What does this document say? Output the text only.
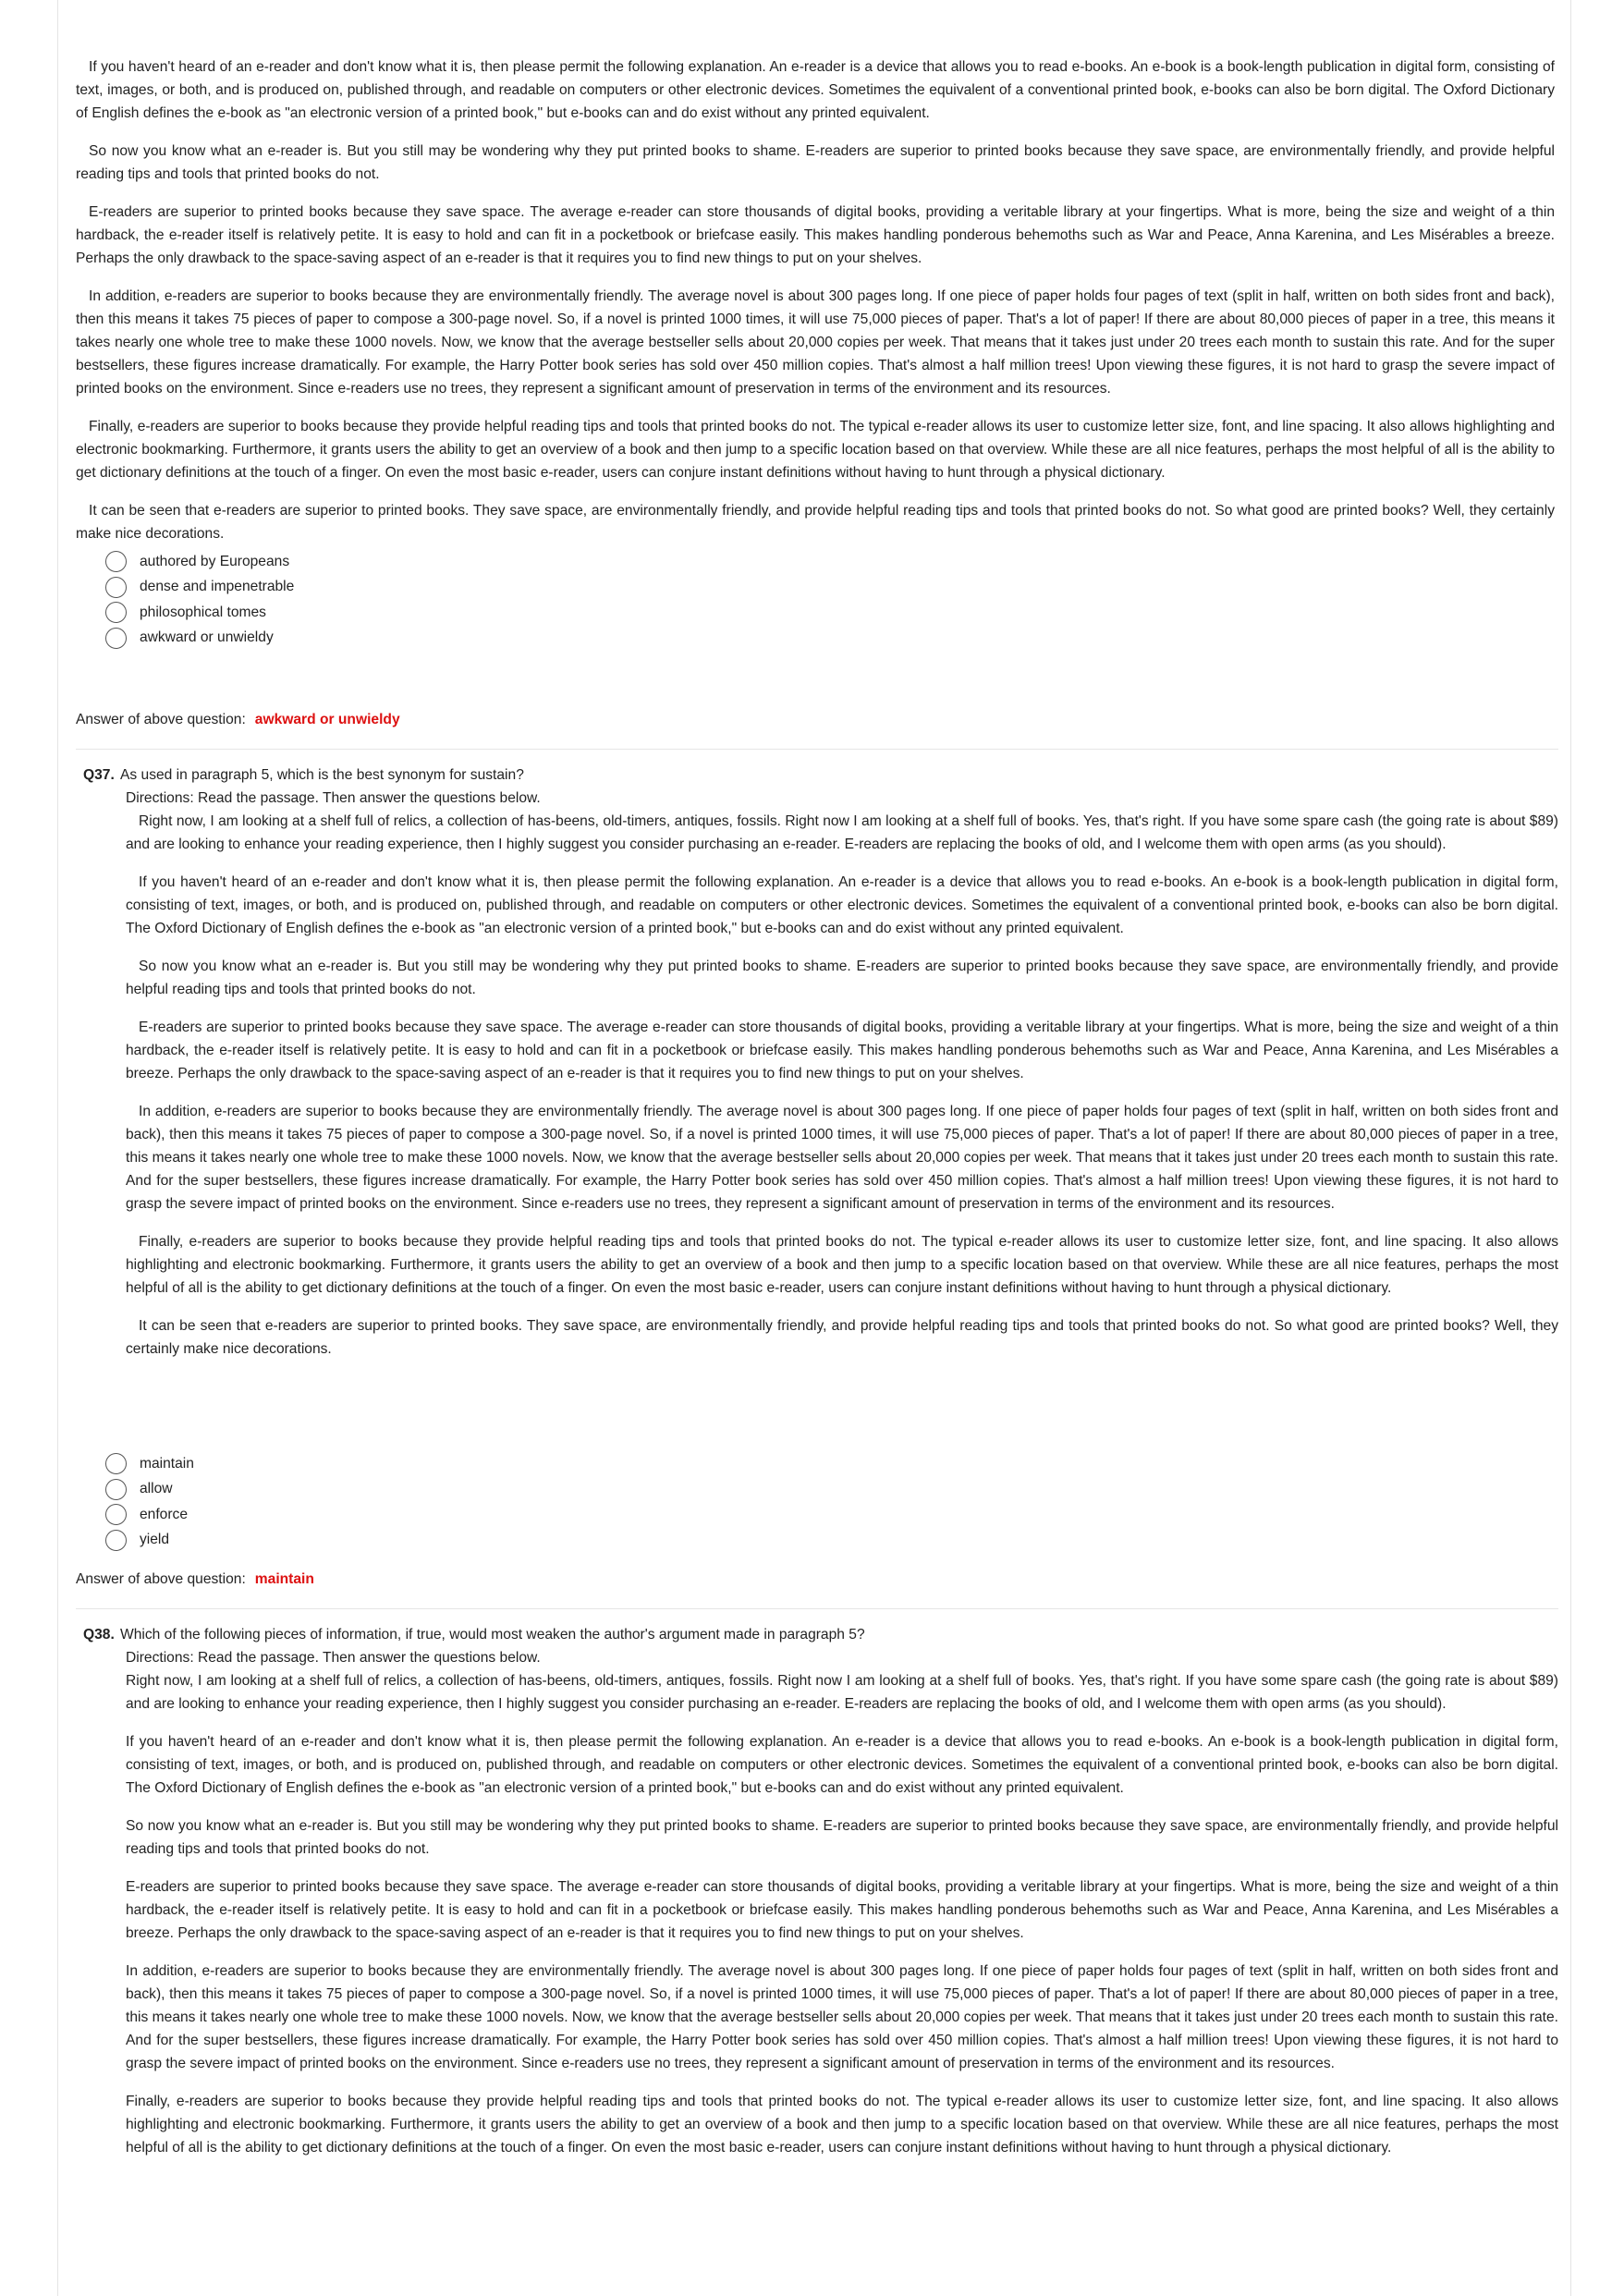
If you haven't heard of an e-reader and don't know what it is, then please permit the following explanation. An e-reader is a device that allows you to read e-books. An e-book is a book-length publication in digital form, consisting of text, images, or both, and is produced on, published through, and readable on computers or other electronic devices. Sometimes the equivalent of a conventional printed book, e-books can also be born digital. The Oxford Dictionary of English defines the e-book as "an electronic version of a printed book," but e-books can and do exist without any printed equivalent.

So now you know what an e-reader is. But you still may be wondering why they put printed books to shame. E-readers are superior to printed books because they save space, are environmentally friendly, and provide helpful reading tips and tools that printed books do not.

E-readers are superior to printed books because they save space. The average e-reader can store thousands of digital books, providing a veritable library at your fingertips. What is more, being the size and weight of a thin hardback, the e-reader itself is relatively petite. It is easy to hold and can fit in a pocketbook or briefcase easily. This makes handling ponderous behemoths such as War and Peace, Anna Karenina, and Les Misérables a breeze. Perhaps the only drawback to the space-saving aspect of an e-reader is that it requires you to find new things to put on your shelves.

In addition, e-readers are superior to books because they are environmentally friendly. The average novel is about 300 pages long. If one piece of paper holds four pages of text (split in half, written on both sides front and back), then this means it takes 75 pieces of paper to compose a 300-page novel. So, if a novel is printed 1000 times, it will use 75,000 pieces of paper. That's a lot of paper! If there are about 80,000 pieces of paper in a tree, this means it takes nearly one whole tree to make these 1000 novels. Now, we know that the average bestseller sells about 20,000 copies per week. That means that it takes just under 20 trees each month to sustain this rate. And for the super bestsellers, these figures increase dramatically. For example, the Harry Potter book series has sold over 450 million copies. That's almost a half million trees! Upon viewing these figures, it is not hard to grasp the severe impact of printed books on the environment. Since e-readers use no trees, they represent a significant amount of preservation in terms of the environment and its resources.

Finally, e-readers are superior to books because they provide helpful reading tips and tools that printed books do not. The typical e-reader allows its user to customize letter size, font, and line spacing. It also allows highlighting and electronic bookmarking. Furthermore, it grants users the ability to get an overview of a book and then jump to a specific location based on that overview. While these are all nice features, perhaps the most helpful of all is the ability to get dictionary definitions at the touch of a finger. On even the most basic e-reader, users can conjure instant definitions without having to hunt through a physical dictionary.

It can be seen that e-readers are superior to printed books. They save space, are environmentally friendly, and provide helpful reading tips and tools that printed books do not. So what good are printed books? Well, they certainly make nice decorations.

authored by Europeans
dense and impenetrable
philosophical tomes
awkward or unwieldy
Answer of above question: awkward or unwieldy
Q37. As used in paragraph 5, which is the best synonym for sustain?

Directions: Read the passage. Then answer the questions below.

Right now, I am looking at a shelf full of relics, a collection of has-beens, old-timers, antiques, fossils. Right now I am looking at a shelf full of books. Yes, that's right. If you have some spare cash (the going rate is about $89) and are looking to enhance your reading experience, then I highly suggest you consider purchasing an e-reader. E-readers are replacing the books of old, and I welcome them with open arms (as you should).

If you haven't heard of an e-reader and don't know what it is, then please permit the following explanation. An e-reader is a device that allows you to read e-books. An e-book is a book-length publication in digital form, consisting of text, images, or both, and is produced on, published through, and readable on computers or other electronic devices. Sometimes the equivalent of a conventional printed book, e-books can also be born digital. The Oxford Dictionary of English defines the e-book as "an electronic version of a printed book," but e-books can and do exist without any printed equivalent.

So now you know what an e-reader is. But you still may be wondering why they put printed books to shame. E-readers are superior to printed books because they save space, are environmentally friendly, and provide helpful reading tips and tools that printed books do not.

E-readers are superior to printed books because they save space. The average e-reader can store thousands of digital books, providing a veritable library at your fingertips. What is more, being the size and weight of a thin hardback, the e-reader itself is relatively petite. It is easy to hold and can fit in a pocketbook or briefcase easily. This makes handling ponderous behemoths such as War and Peace, Anna Karenina, and Les Misérables a breeze. Perhaps the only drawback to the space-saving aspect of an e-reader is that it requires you to find new things to put on your shelves.

In addition, e-readers are superior to books because they are environmentally friendly. The average novel is about 300 pages long. If one piece of paper holds four pages of text (split in half, written on both sides front and back), then this means it takes 75 pieces of paper to compose a 300-page novel. So, if a novel is printed 1000 times, it will use 75,000 pieces of paper. That's a lot of paper! If there are about 80,000 pieces of paper in a tree, this means it takes nearly one whole tree to make these 1000 novels. Now, we know that the average bestseller sells about 20,000 copies per week. That means that it takes just under 20 trees each month to sustain this rate. And for the super bestsellers, these figures increase dramatically. For example, the Harry Potter book series has sold over 450 million copies. That's almost a half million trees! Upon viewing these figures, it is not hard to grasp the severe impact of printed books on the environment. Since e-readers use no trees, they represent a significant amount of preservation in terms of the environment and its resources.

Finally, e-readers are superior to books because they provide helpful reading tips and tools that printed books do not. The typical e-reader allows its user to customize letter size, font, and line spacing. It also allows highlighting and electronic bookmarking. Furthermore, it grants users the ability to get an overview of a book and then jump to a specific location based on that overview. While these are all nice features, perhaps the most helpful of all is the ability to get dictionary definitions at the touch of a finger. On even the most basic e-reader, users can conjure instant definitions without having to hunt through a physical dictionary.

It can be seen that e-readers are superior to printed books. They save space, are environmentally friendly, and provide helpful reading tips and tools that printed books do not. So what good are printed books? Well, they certainly make nice decorations.

maintain
allow
enforce
yield
Answer of above question: maintain
Q38. Which of the following pieces of information, if true, would most weaken the author's argument made in paragraph 5?

Directions: Read the passage. Then answer the questions below.

Right now, I am looking at a shelf full of relics, a collection of has-beens, old-timers, antiques, fossils. Right now I am looking at a shelf full of books. Yes, that's right. If you have some spare cash (the going rate is about $89) and are looking to enhance your reading experience, then I highly suggest you consider purchasing an e-reader. E-readers are replacing the books of old, and I welcome them with open arms (as you should).

If you haven't heard of an e-reader and don't know what it is, then please permit the following explanation. An e-reader is a device that allows you to read e-books. An e-book is a book-length publication in digital form, consisting of text, images, or both, and is produced on, published through, and readable on computers or other electronic devices. Sometimes the equivalent of a conventional printed book, e-books can also be born digital. The Oxford Dictionary of English defines the e-book as "an electronic version of a printed book," but e-books can and do exist without any printed equivalent.

So now you know what an e-reader is. But you still may be wondering why they put printed books to shame. E-readers are superior to printed books because they save space, are environmentally friendly, and provide helpful reading tips and tools that printed books do not.

E-readers are superior to printed books because they save space. The average e-reader can store thousands of digital books, providing a veritable library at your fingertips. What is more, being the size and weight of a thin hardback, the e-reader itself is relatively petite. It is easy to hold and can fit in a pocketbook or briefcase easily. This makes handling ponderous behemoths such as War and Peace, Anna Karenina, and Les Misérables a breeze. Perhaps the only drawback to the space-saving aspect of an e-reader is that it requires you to find new things to put on your shelves.

In addition, e-readers are superior to books because they are environmentally friendly. The average novel is about 300 pages long. If one piece of paper holds four pages of text (split in half, written on both sides front and back), then this means it takes 75 pieces of paper to compose a 300-page novel. So, if a novel is printed 1000 times, it will use 75,000 pieces of paper. That's a lot of paper! If there are about 80,000 pieces of paper in a tree, this means it takes nearly one whole tree to make these 1000 novels. Now, we know that the average bestseller sells about 20,000 copies per week. That means that it takes just under 20 trees each month to sustain this rate. And for the super bestsellers, these figures increase dramatically. For example, the Harry Potter book series has sold over 450 million copies. That's almost a half million trees! Upon viewing these figures, it is not hard to grasp the severe impact of printed books on the environment. Since e-readers use no trees, they represent a significant amount of preservation in terms of the environment and its resources.

Finally, e-readers are superior to books because they provide helpful reading tips and tools that printed books do not. The typical e-reader allows its user to customize letter size, font, and line spacing. It also allows highlighting and electronic bookmarking. Furthermore, it grants users the ability to get an overview of a book and then jump to a specific location based on that overview. While these are all nice features, perhaps the most helpful of all is the ability to get dictionary definitions at the touch of a finger. On even the most basic e-reader, users can conjure instant definitions without having to hunt through a physical dictionary.
